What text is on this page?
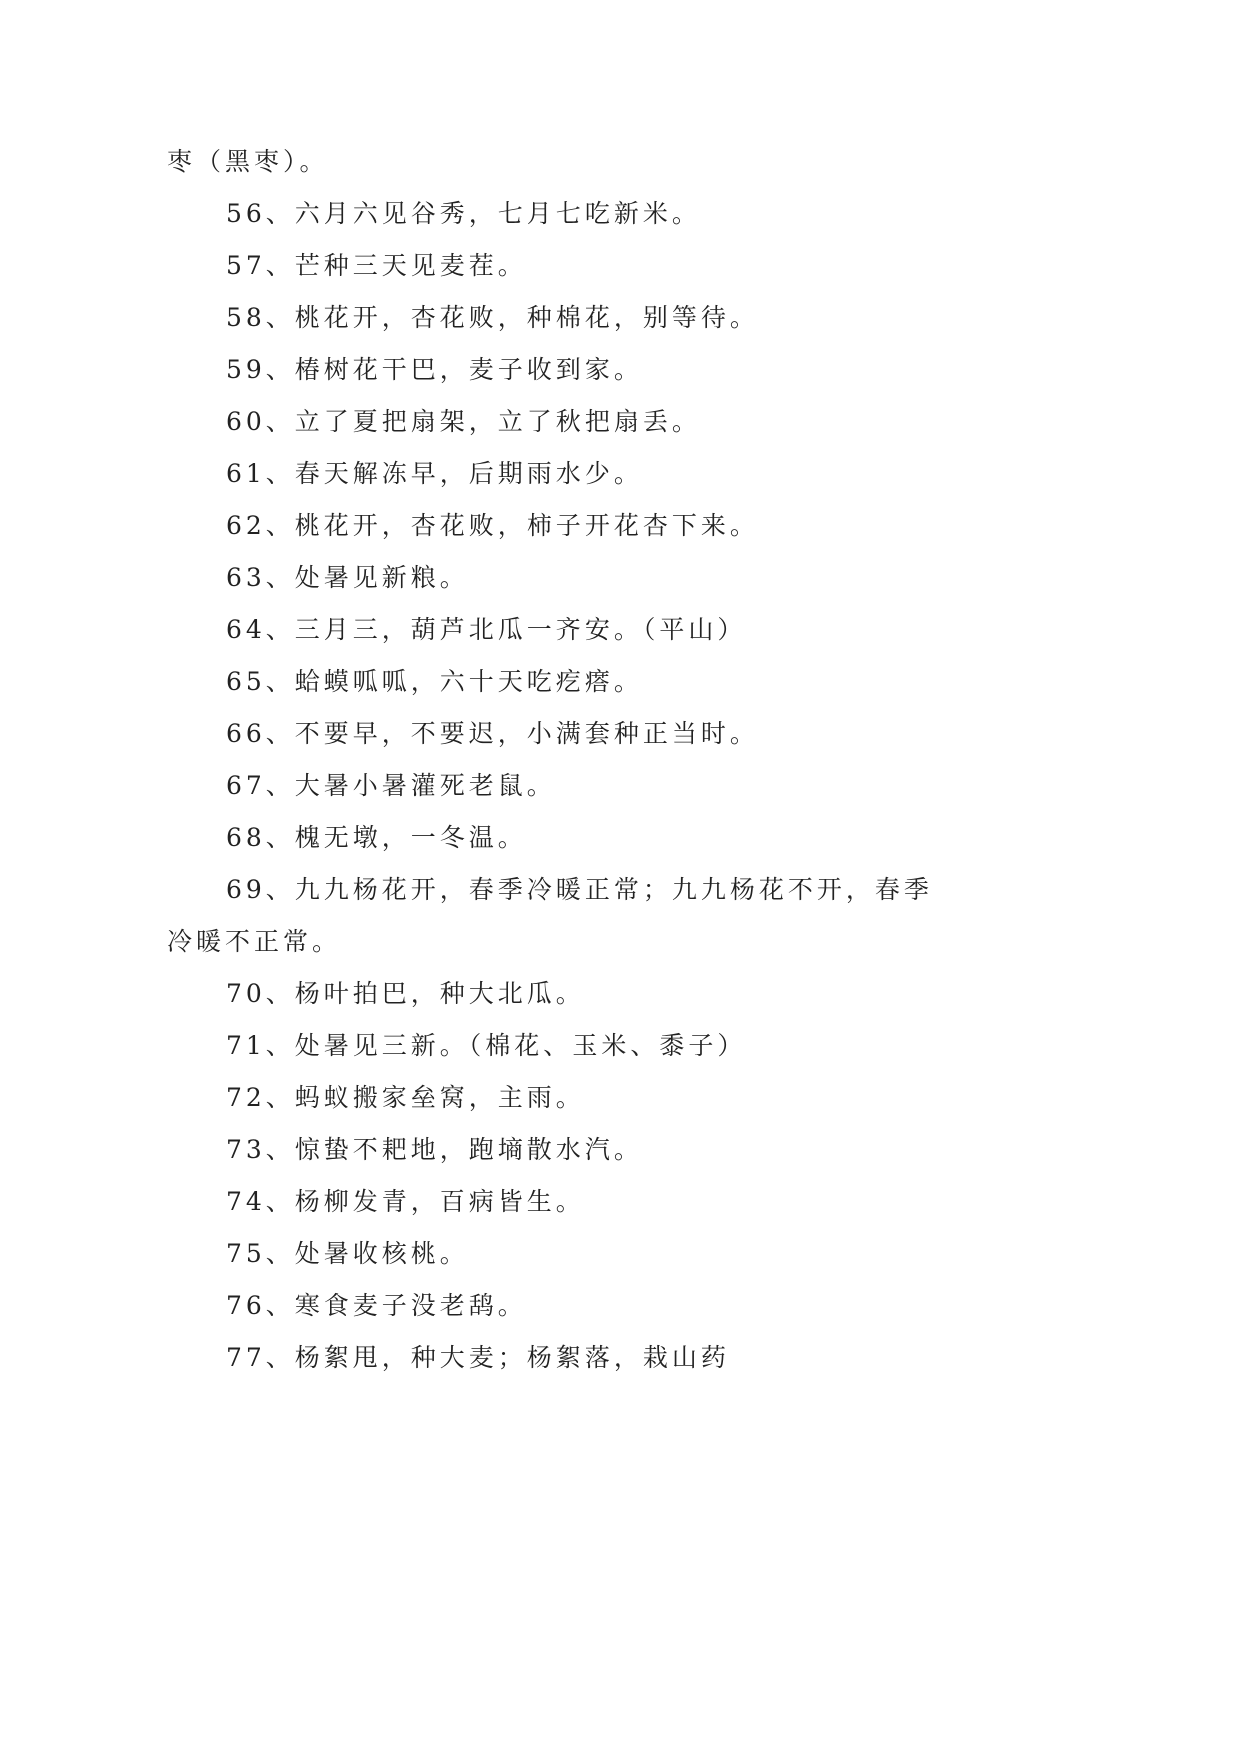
枣（黑枣）。
56、六月六见谷秀，七月七吃新米。
57、芒种三天见麦茬。
58、桃花开，杏花败，种棉花，别等待。
59、椿树花干巴，麦子收到家。
60、立了夏把扇架，立了秋把扇丢。
61、春天解冻早，后期雨水少。
62、桃花开，杏花败，柿子开花杏下来。
63、处暑见新粮。
64、三月三，葫芦北瓜一齐安。（平山）
65、蛤蟆呱呱，六十天吃疙瘩。
66、不要早，不要迟，小满套种正当时。
67、大暑小暑灌死老鼠。
68、槐无墩，一冬温。
69、九九杨花开，春季冷暖正常；九九杨花不开，春季
冷暖不正常。
70、杨叶拍巴，种大北瓜。
71、处暑见三新。（棉花、玉米、黍子）
72、蚂蚁搬家垒窝，主雨。
73、惊蛰不耙地，跑墒散水汽。
74、杨柳发青，百病皆生。
75、处暑收核桃。
76、寒食麦子没老鸹。
77、杨絮甩，种大麦；杨絮落，栽山药
